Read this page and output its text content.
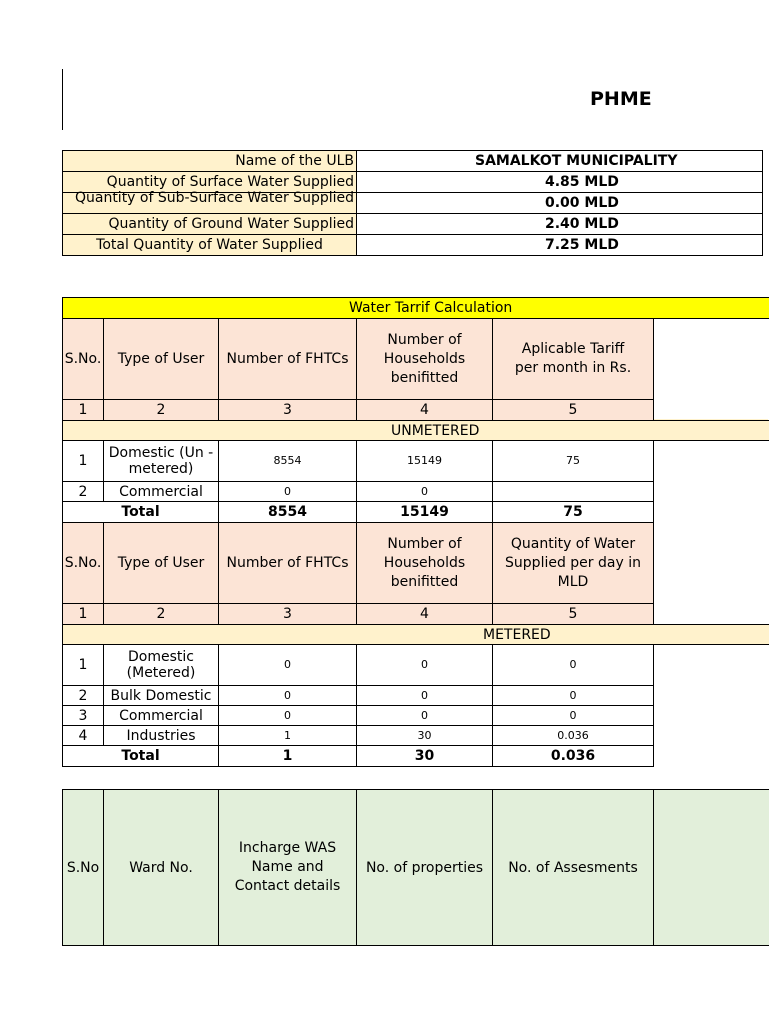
PHME
Name of the ULB	SAMALKOT MUNICIPALITY
Quantity of Surface Water Supplied	4.85 MLD

Quantity of Sub-Surface Water Supplied	0.00 MLD
Quantity of Ground Water Supplied	2.40 MLD
Total Quantity of Water Supplied	7.25 MLD
Water Tarrif Calculation					
S.No.	Type of User	Number of FHTCs	Number of Households benifitted	Aplicable Tariff per month in Rs.	
1	2	3	4	5	
UNMETERED					
1	Domestic (Un - metered)	8554	15149	75	
2	Commercial	0	0		
Total		8554	15149	75	
S.No.	Type of User	Number of FHTCs	Number of Households benifitted	Quantity of Water Supplied per day in MLD	
1	2	3	4	5	
METERED					
1	Domestic (Metered)	0	0	0	
2	Bulk Domestic	0	0	0	
3	Commercial	0	0	0	
4	Industries	1	30	0.036	
Total		1	30	0.036	
S.No	Ward No.	Incharge WAS Name and Contact details	No. of properties	No. of Assesments	
